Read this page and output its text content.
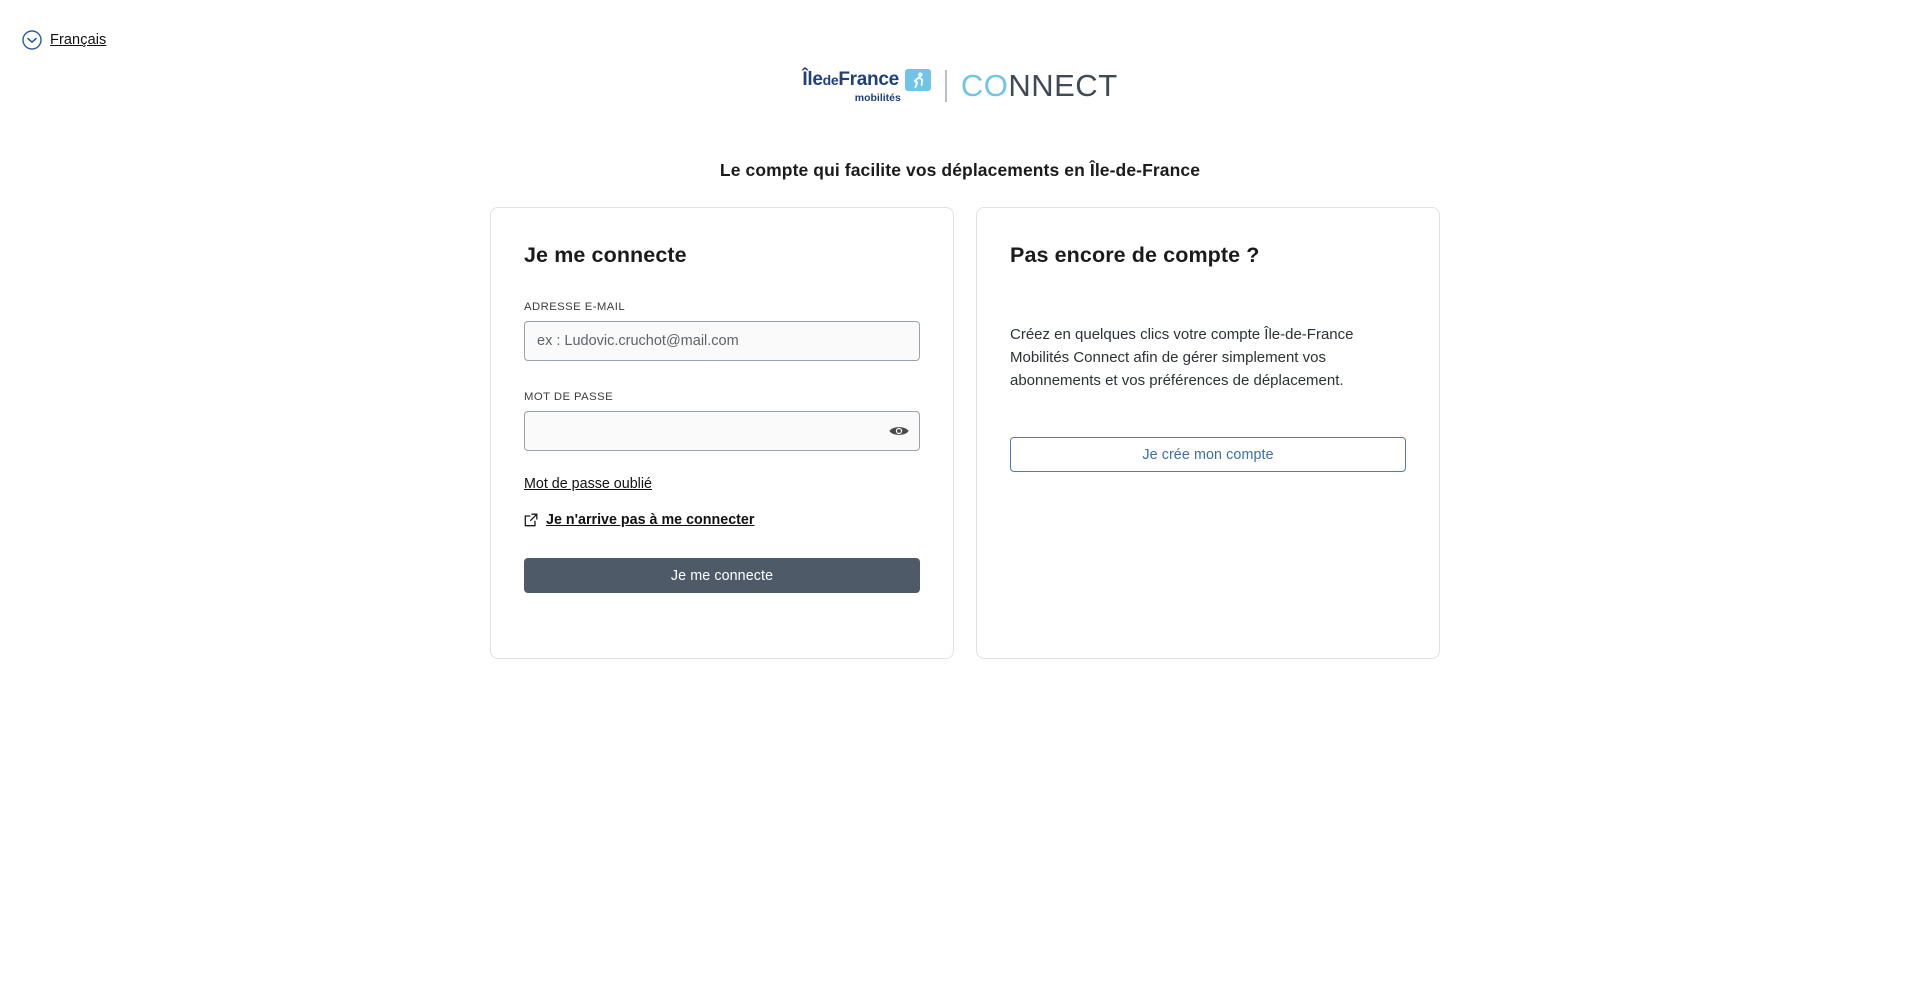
Français
ÎledeFrance
mobilités CONNECT
Le compte qui facilite vos déplacements en Île-de-France
Je me connecte
ADRESSE E-MAIL
ex : Ludovic.cruchot@mail.com
MOT DE PASSE
Mot de passe oublié
Je n'arrive pas à me connecter
Je me connecte
Pas encore de compte ?

Créez en quelques clics votre compte Île-de-France Mobilités Connect afin de gérer simplement vos abonnements et vos préférences de déplacement.

Je crée mon compte
